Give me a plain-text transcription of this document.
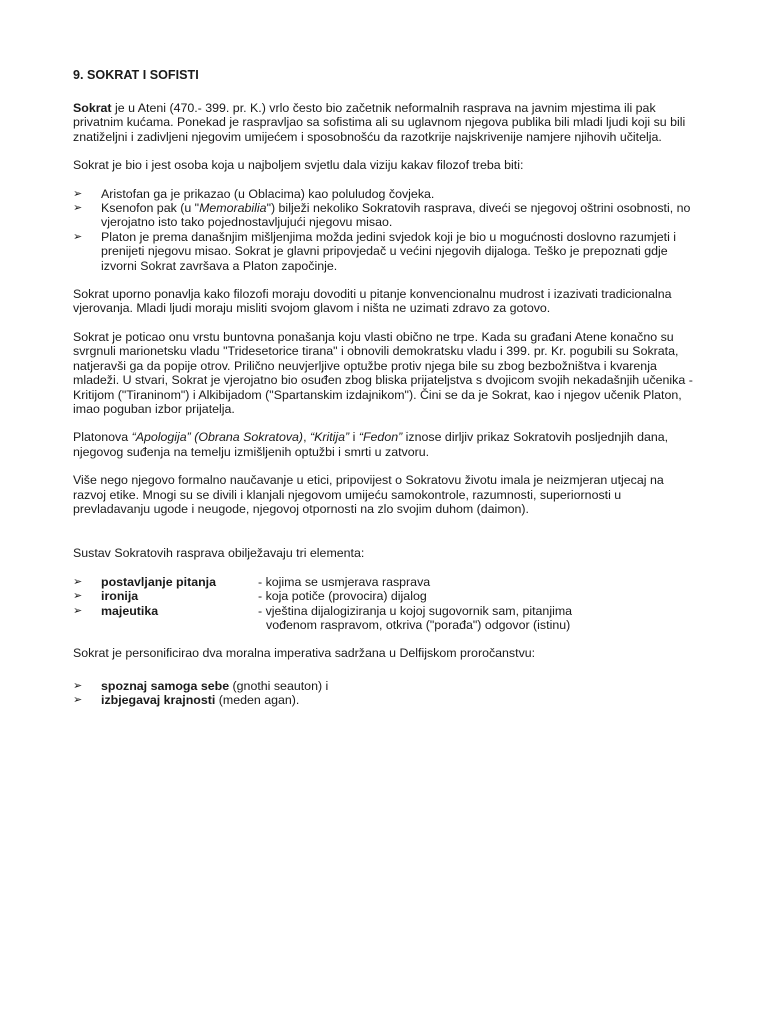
9. SOKRAT I SOFISTI

Sokrat je u Ateni (470.- 399. pr. K.) vrlo često bio začetnik neformalnih rasprava na javnim mjestima ili pak privatnim kućama. Ponekad je raspravljao sa sofistima ali su uglavnom njegova publika bili mladi ljudi koji su bili znatiželjni i zadivljeni njegovim umijećem i sposobnošću da razotkrije najskrivenije namjere njihovih učitelja.

Sokrat je bio i jest osoba koja u najboljem svjetlu dala viziju kakav filozof treba biti:

➢ Aristofan ga je prikazao (u Oblacima) kao poluludog čovjeka.
➢ Ksenofon pak (u "Memorabilia") bilježi nekoliko Sokratovih rasprava, diveći se njegovoj oštrini osobnosti, no vjerojatno isto tako pojednostavljujući njegovu misao.
➢ Platon je prema današnjim mišljenjima možda jedini svjedok koji je bio u mogućnosti doslovno razumjeti i prenijeti njegovu misao. Sokrat je glavni pripovjedač u većini njegovih dijaloga. Teško je prepoznati gdje izvorni Sokrat završava a Platon započinje.

Sokrat uporno ponavlja kako filozofi moraju dovoditi u pitanje konvencionalnu mudrost i izazivati tradicionalna vjerovanja. Mladi ljudi moraju misliti svojom glavom i ništa ne uzimati zdravo za gotovo.

Sokrat je poticao onu vrstu buntovna ponašanja koju vlasti obično ne trpe. Kada su građani Atene konačno su svrgnuli marionetsku vladu "Tridesetorice tirana" i obnovili demokratsku vladu i 399. pr. Kr. pogubili su Sokrata, natjeravši ga da popije otrov. Prilično neuvjerljive optužbe protiv njega bile su zbog bezbožništva i kvarenja mladeži. U stvari, Sokrat je vjerojatno bio osuđen zbog bliska prijateljstva s dvojicom svojih nekadašnjih učenika - Kritijom ("Tiraninom") i Alkibijadom ("Spartanskim izdajnikom"). Čini se da je Sokrat, kao i njegov učenik Platon, imao poguban izbor prijatelja.

Platonova “Apologija” (Obrana Sokratova), “Kritija” i “Fedon” iznose dirljiv prikaz Sokratovih posljednjih dana, njegovog suđenja na temelju izmišljenih optužbi i smrti u zatvoru.

Više nego njegovo formalno naučavanje u etici, pripovijest o Sokratovu životu imala je neizmjeran utjecaj na razvoj etike. Mnogi su se divili i klanjali njegovom umijeću samokontrole, razumnosti, superiornosti u prevladavanju ugode i neugode, njegovoj otpornosti na zlo svojim duhom (daimon).

Sustav Sokratovih rasprava obilježavaju tri elementa:

➢ postavljanje pitanja	- kojima se usmjerava rasprava
➢ ironija	- koja potiče (provocira) dijalog
➢ majeutika	- vještina dijalogiziranja u kojoj sugovornik sam, pitanjima
vođenom raspravom, otkriva ("porađa") odgovor (istinu)

Sokrat je personificirao dva moralna imperativa sadržana u Delfijskom proročanstvu:

➢ spoznaj samoga sebe (gnothi seauton) i
➢ izbjegavaj krajnosti (meden agan).
